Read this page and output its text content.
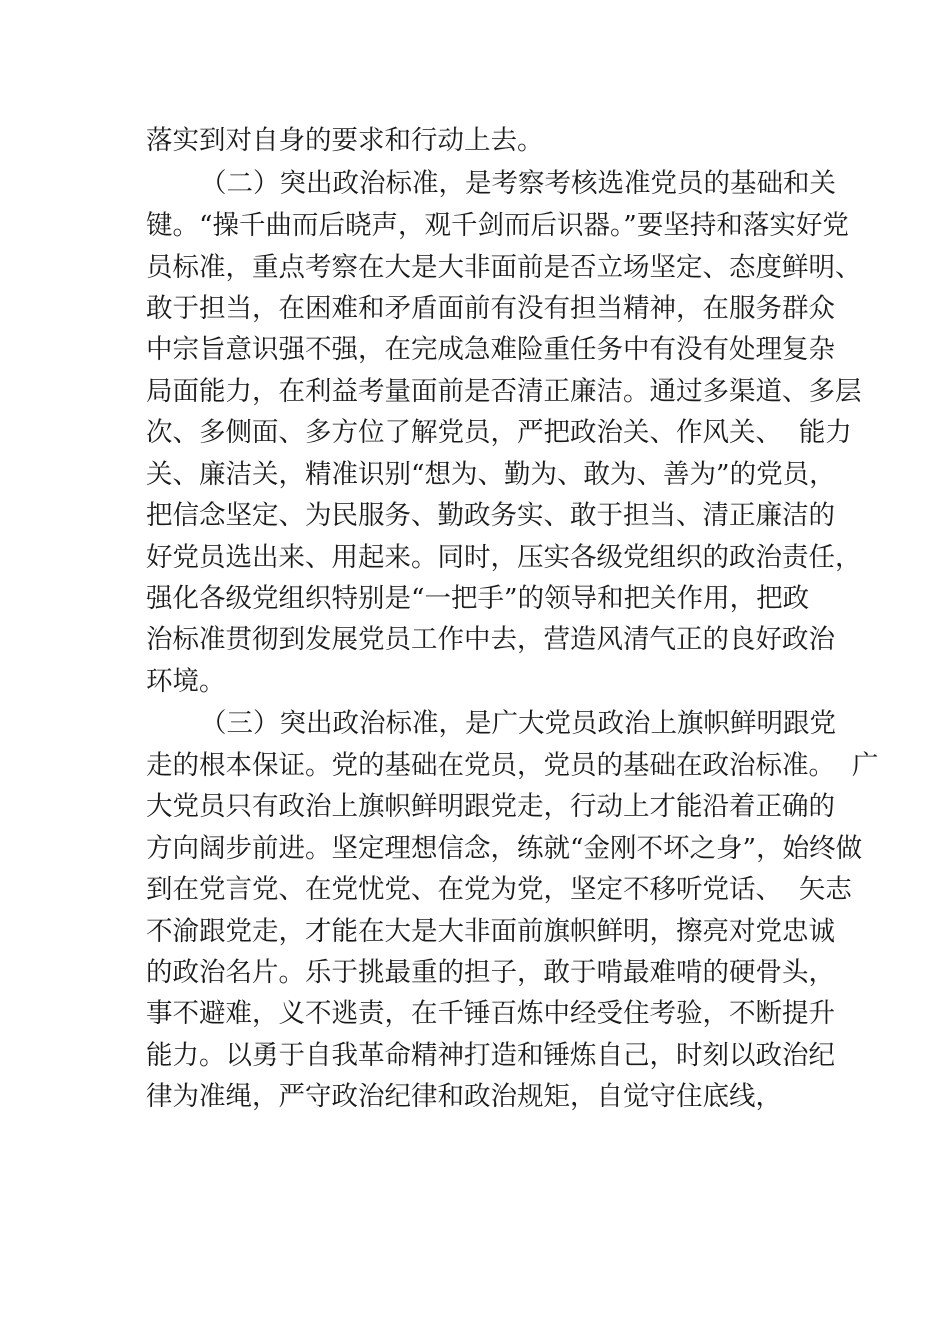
落实到对自身的要求和行动上去。
（二）突出政治标准，是考察考核选准党员的基础和关
键。“操千曲而后晓声，观千剑而后识器。”要坚持和落实好党
员标准，重点考察在大是大非面前是否立场坚定、态度鲜明、
敢于担当，在困难和矛盾面前有没有担当精神，在服务群众
中宗旨意识强不强，在完成急难险重任务中有没有处理复杂
局面能力，在利益考量面前是否清正廉洁。通过多渠道、多层
次、多侧面、多方位了解党员，严把政治关、作风关、  能力
关、廉洁关，精准识别“想为、勤为、敢为、善为”的党员，
把信念坚定、为民服务、勤政务实、敢于担当、清正廉洁的
好党员选出来、用起来。同时，压实各级党组织的政治责任，
强化各级党组织特别是“一把手”的领导和把关作用，把政
治标准贯彻到发展党员工作中去，营造风清气正的良好政治
环境。
（三）突出政治标准，是广大党员政治上旗帜鲜明跟党
走的根本保证。党的基础在党员，党员的基础在政治标准。  广
大党员只有政治上旗帜鲜明跟党走，行动上才能沿着正确的
方向阔步前进。坚定理想信念，练就“金刚不坏之身”，始终做
到在党言党、在党忧党、在党为党，坚定不移听党话、  矢志
不渝跟党走，才能在大是大非面前旗帜鲜明，擦亮对党忠诚
的政治名片。乐于挑最重的担子，敢于啃最难啃的硬骨头，
事不避难，义不逃责，在千锤百炼中经受住考验，不断提升
能力。以勇于自我革命精神打造和锤炼自己，时刻以政治纪
律为准绳，严守政治纪律和政治规矩，自觉守住底线，
